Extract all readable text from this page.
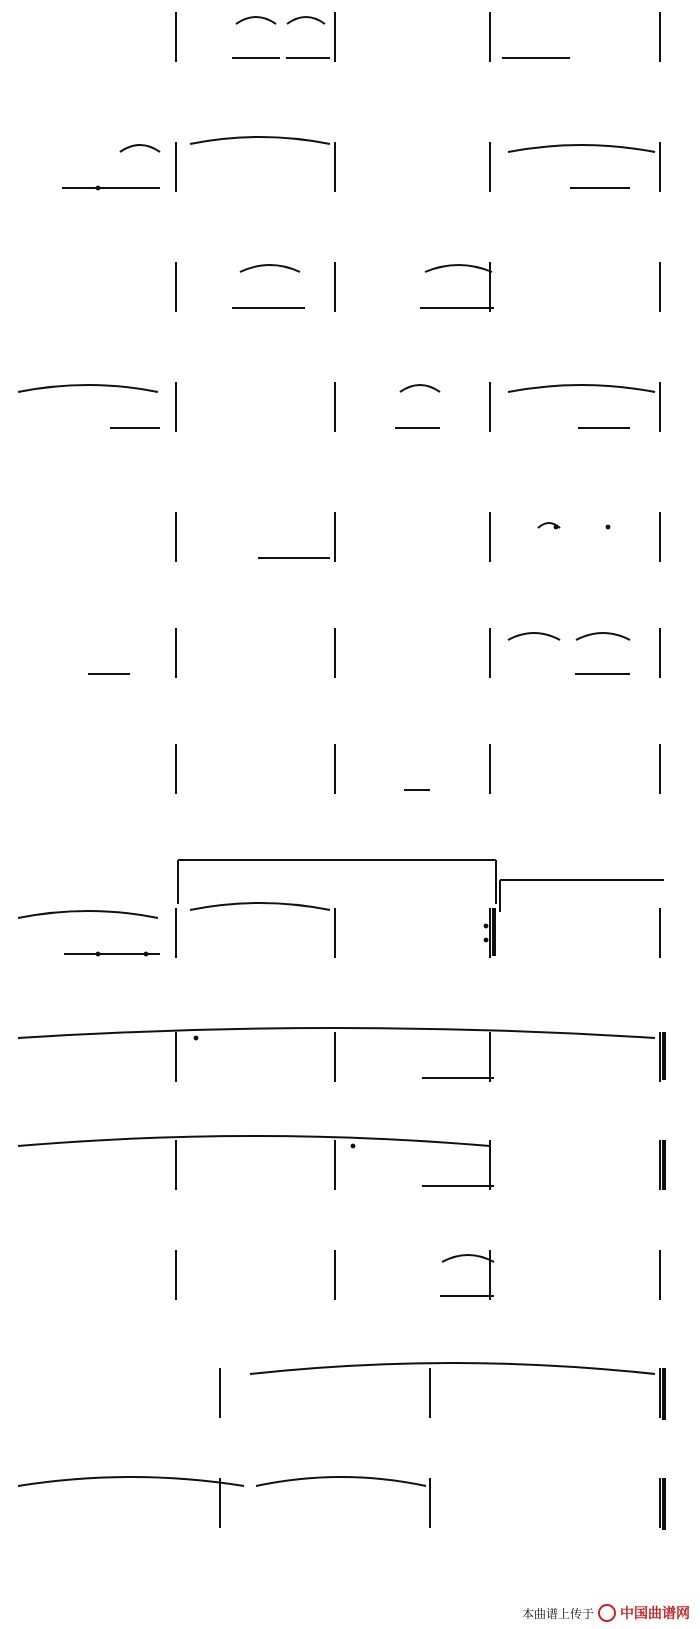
本曲谱上传于 中国曲谱网
